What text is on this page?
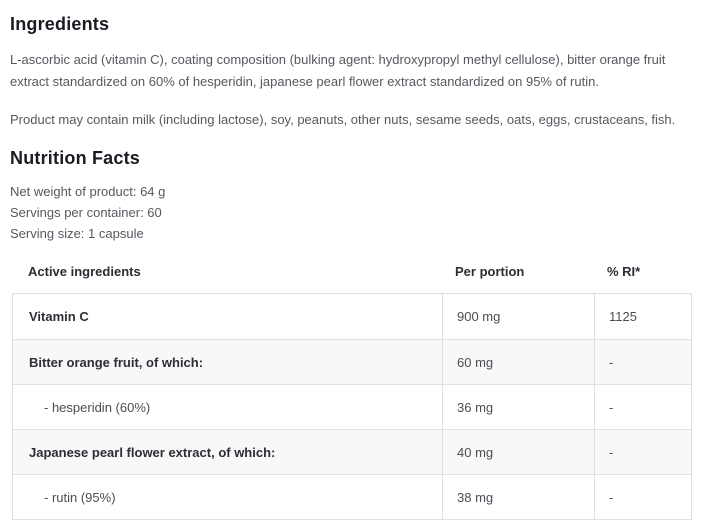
Ingredients

L-ascorbic acid (vitamin C), coating composition (bulking agent: hydroxypropyl methyl cellulose), bitter orange fruit extract standardized on 60% of hesperidin, japanese pearl flower extract standardized on 95% of rutin.

Product may contain milk (including lactose), soy, peanuts, other nuts, sesame seeds, oats, eggs, crustaceans, fish.

Nutrition Facts

Net weight of product: 64 g

Servings per container: 60

Serving size: 1 capsule

Active ingredients	Per portion	% RI*
Vitamin C	900 mg	1125
Bitter orange fruit, of which:	60 mg	-
- hesperidin (60%)	36 mg	-
Japanese pearl flower extract, of which:	40 mg	-
- rutin (95%)	38 mg	-
